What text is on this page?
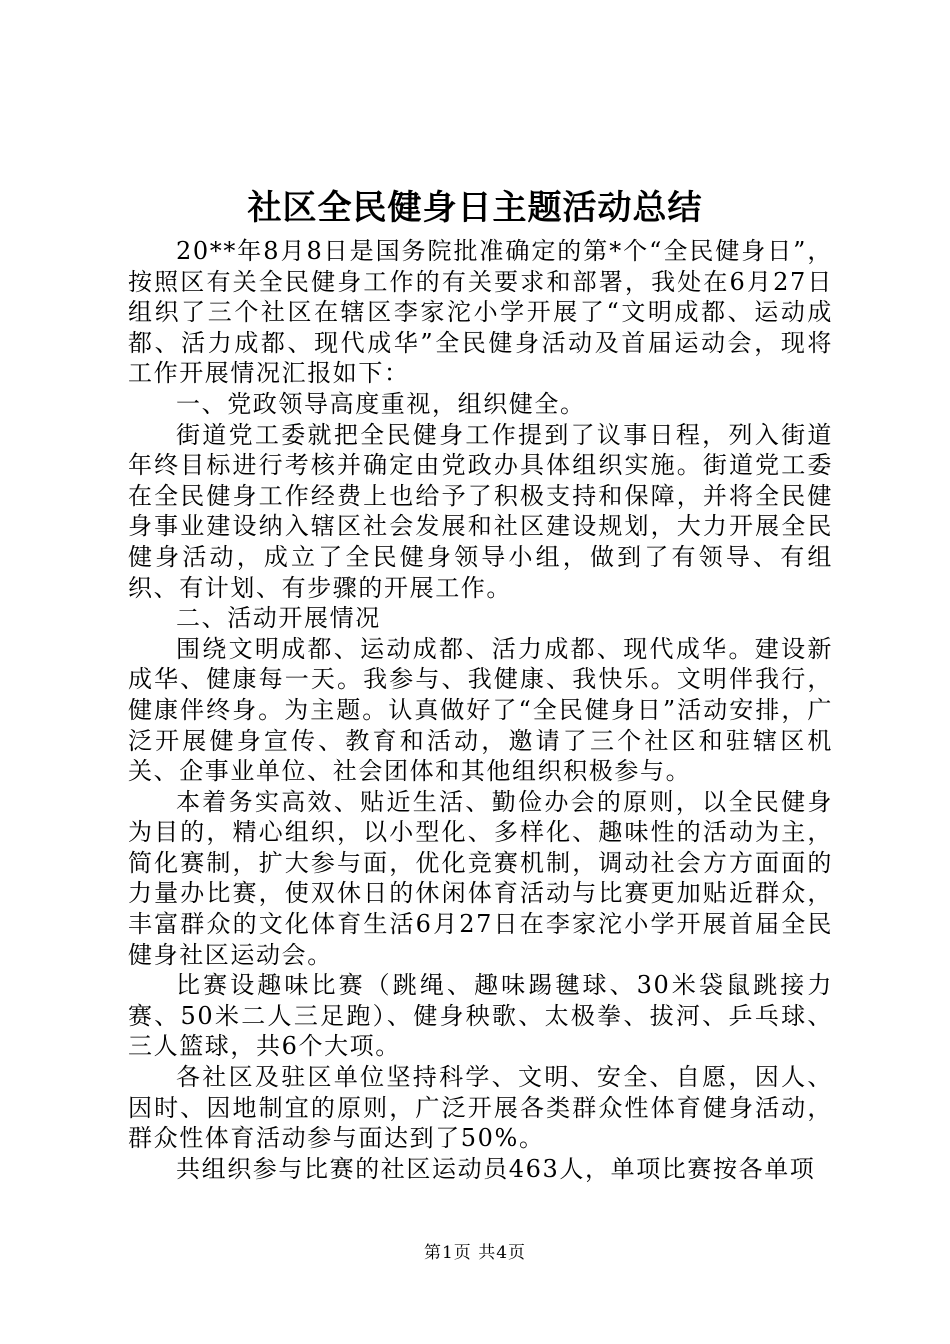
社区全民健身日主题活动总结

20**年8月8日是国务院批准确定的第*个“全民健身日”，按照区有关全民健身工作的有关要求和部署，我处在6月27日组织了三个社区在辖区李家沱小学开展了“文明成都、运动成都、活力成都、现代成华”全民健身活动及首届运动会，现将工作开展情况汇报如下：

一、党政领导高度重视，组织健全。

街道党工委就把全民健身工作提到了议事日程，列入街道年终目标进行考核并确定由党政办具体组织实施。街道党工委在全民健身工作经费上也给予了积极支持和保障，并将全民健身事业建设纳入辖区社会发展和社区建设规划，大力开展全民健身活动，成立了全民健身领导小组，做到了有领导、有组织、有计划、有步骤的开展工作。

二、活动开展情况

围绕文明成都、运动成都、活力成都、现代成华。建设新成华、健康每一天。我参与、我健康、我快乐。文明伴我行，健康伴终身。为主题。认真做好了“全民健身日”活动安排，广泛开展健身宣传、教育和活动，邀请了三个社区和驻辖区机关、企事业单位、社会团体和其他组织积极参与。

本着务实高效、贴近生活、勤俭办会的原则，以全民健身为目的，精心组织，以小型化、多样化、趣味性的活动为主，简化赛制，扩大参与面，优化竞赛机制，调动社会方方面面的力量办比赛，使双休日的休闲体育活动与比赛更加贴近群众，丰富群众的文化体育生活6月27日在李家沱小学开展首届全民健身社区运动会。

比赛设趣味比赛（跳绳、趣味踢毽球、30米袋鼠跳接力赛、50米二人三足跑）、健身秧歌、太极拳、拔河、乒乓球、三人篮球，共6个大项。

各社区及驻区单位坚持科学、文明、安全、自愿，因人、因时、因地制宜的原则，广泛开展各类群众性体育健身活动，群众性体育活动参与面达到了50%。

共组织参与比赛的社区运动员463人，单项比赛按各单项

第1页 共4页
